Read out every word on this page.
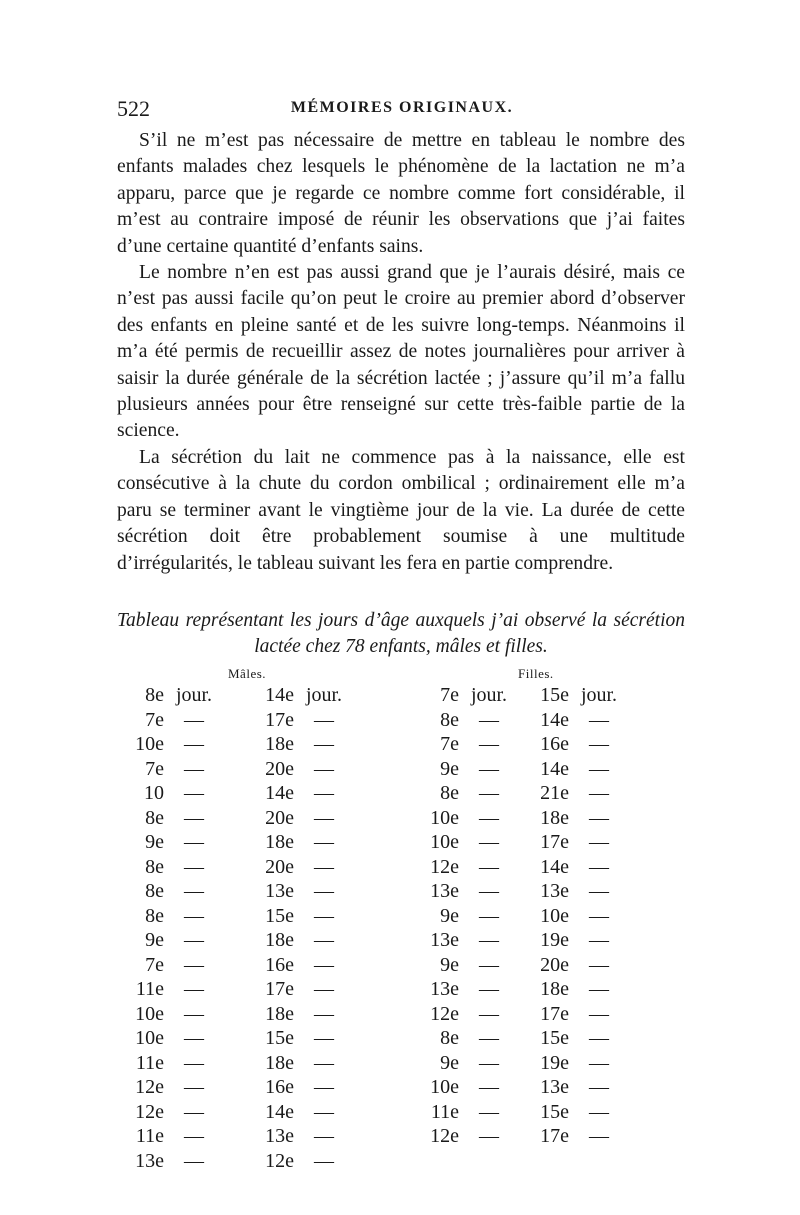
522	MÉMOIRES ORIGINAUX.

S’il ne m’est pas nécessaire de mettre en tableau le nombre des enfants malades chez lesquels le phénomène de la lactation ne m’a apparu, parce que je regarde ce nombre comme fort considérable, il m’est au contraire imposé de réunir les observations que j’ai faites d’une certaine quantité d’enfants sains.

Le nombre n’en est pas aussi grand que je l’aurais désiré, mais ce n’est pas aussi facile qu’on peut le croire au premier abord d’observer des enfants en pleine santé et de les suivre long-temps. Néanmoins il m’a été permis de recueillir assez de notes journalières pour arriver à saisir la durée générale de la sécrétion lactée ; j’assure qu’il m’a fallu plusieurs années pour être renseigné sur cette très-faible partie de la science.

La sécrétion du lait ne commence pas à la naissance, elle est consécutive à la chute du cordon ombilical ; ordinairement elle m’a paru se terminer avant le vingtième jour de la vie. La durée de cette sécrétion doit être probablement soumise à une multitude d’irrégularités, le tableau suivant les fera en partie comprendre.

Tableau représentant les jours d’âge auxquels j’ai observé la sécrétion lactée chez 78 enfants, mâles et filles.
Mâles.	Filles.
8e jour.	14e jour.	7e jour.	15e jour.
7e —	17e —	8e —	14e —
10e —	18e —	7e —	16e —
7e —	20e —	9e —	14e —
10 —	14e —	8e —	21e —
8e —	20e —	10e —	18e —
9e —	18e —	10e —	17e —
8e —	20e —	12e —	14e —
8e —	13e —	13e —	13e —
8e —	15e —	9e —	10e —
9e —	18e —	13e —	19e —
7e —	16e —	9e —	20e —
11e —	17e —	13e —	18e —
10e —	18e —	12e —	17e —
10e —	15e —	8e —	15e —
11e —	18e —	9e —	19e —
12e —	16e —	10e —	13e —
12e —	14e —	11e —	15e —
11e —	13e —	12e —	17e —
13e —	12e —
